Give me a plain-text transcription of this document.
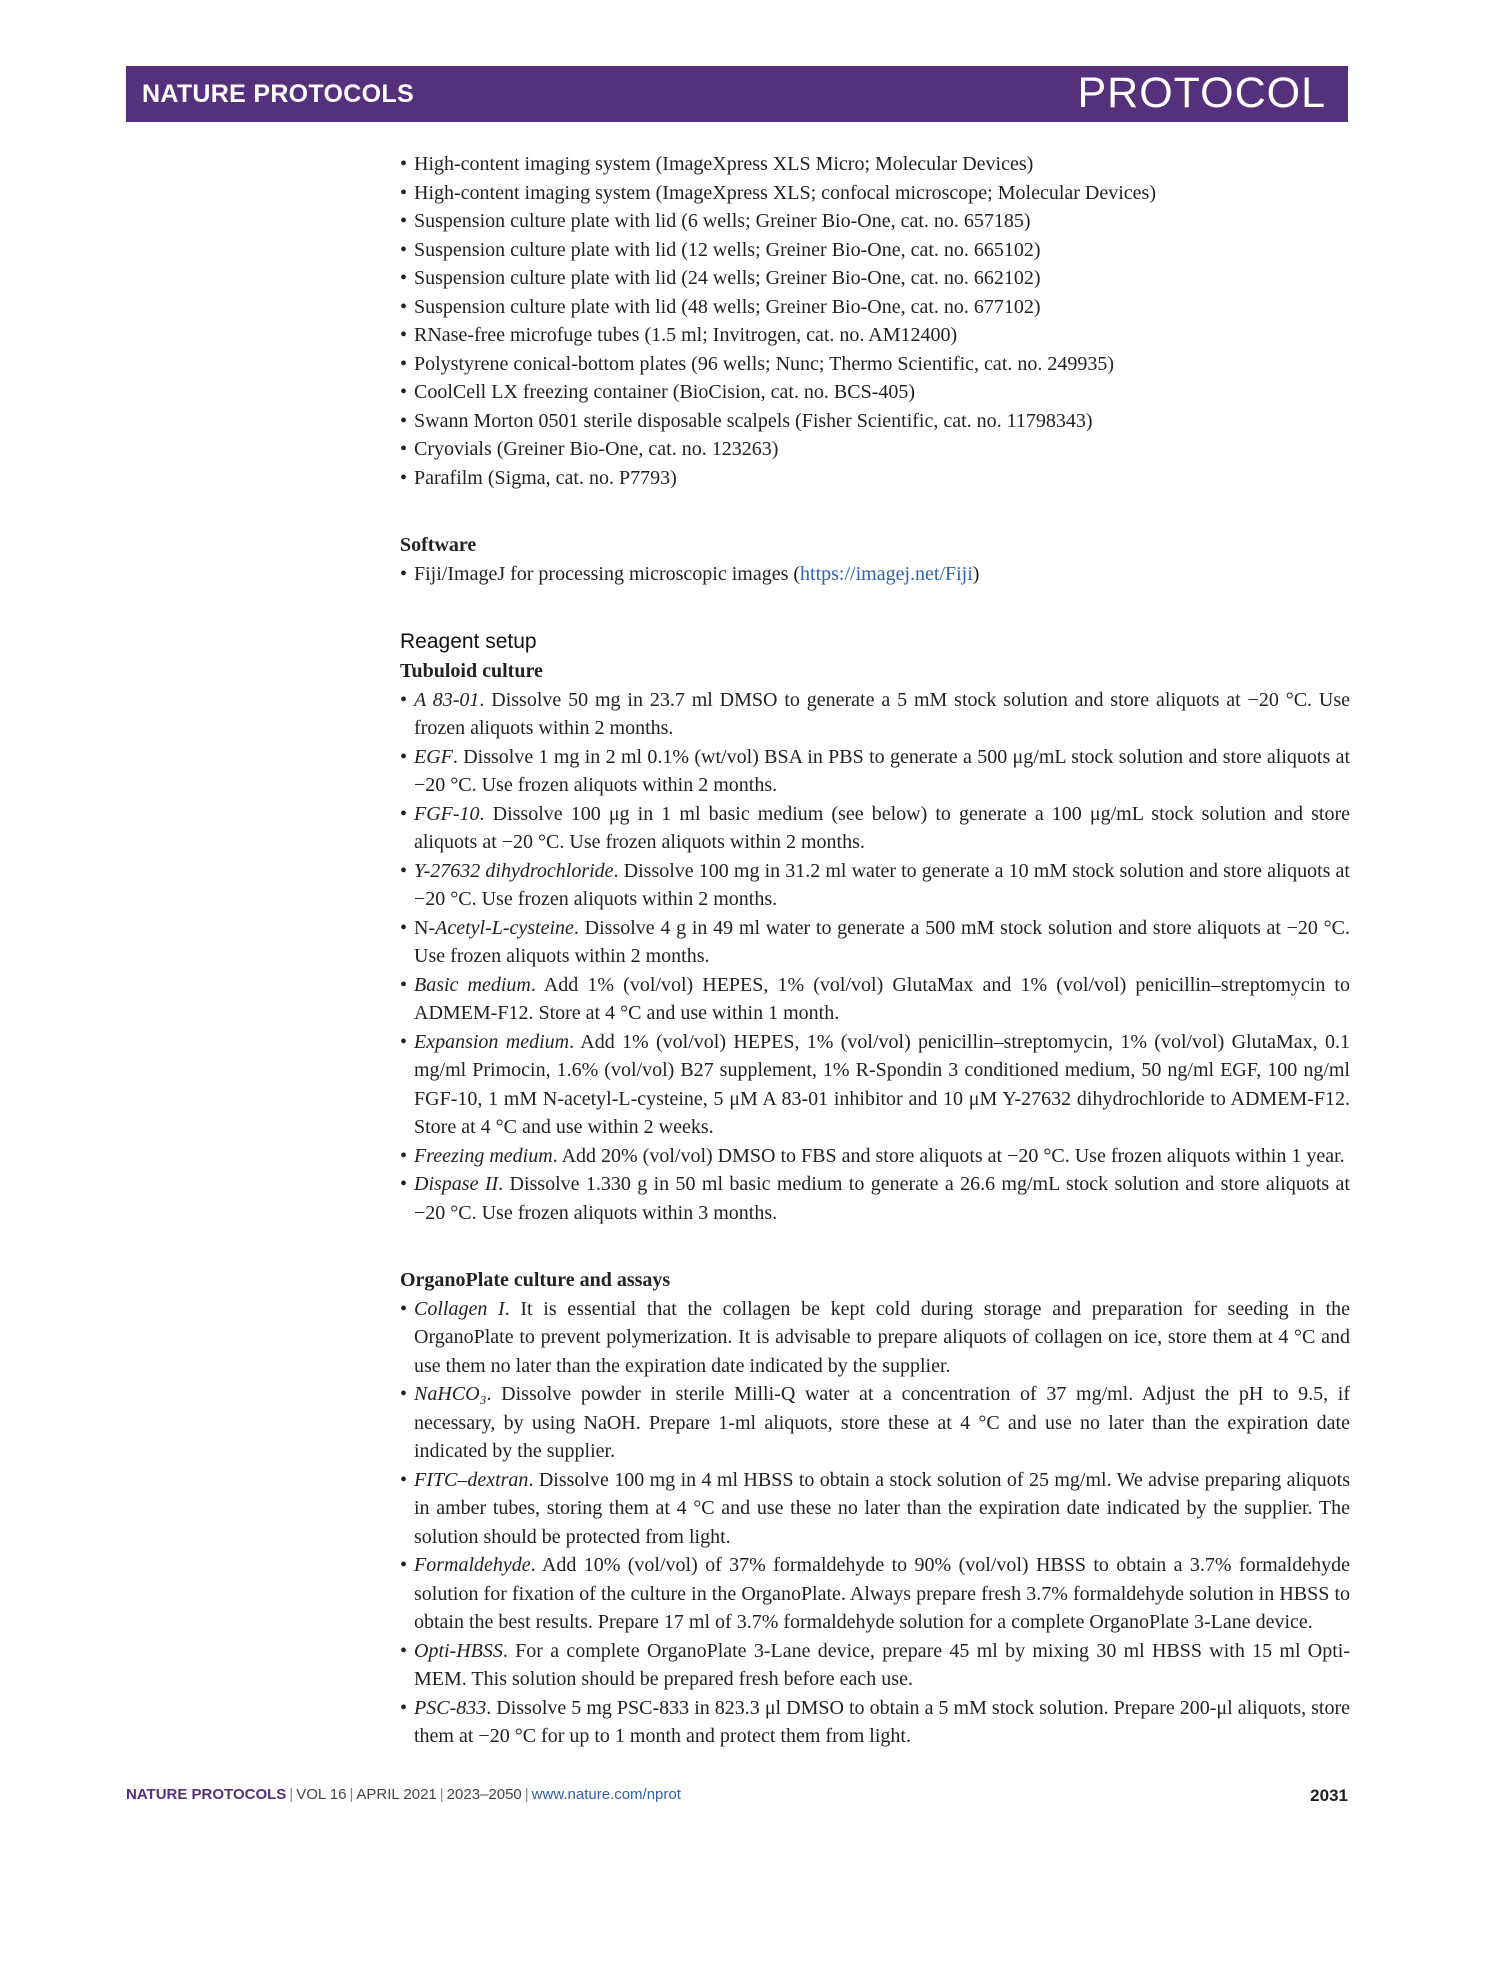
NATURE PROTOCOLS	PROTOCOL
• High-content imaging system (ImageXpress XLS Micro; Molecular Devices)
• High-content imaging system (ImageXpress XLS; confocal microscope; Molecular Devices)
• Suspension culture plate with lid (6 wells; Greiner Bio-One, cat. no. 657185)
• Suspension culture plate with lid (12 wells; Greiner Bio-One, cat. no. 665102)
• Suspension culture plate with lid (24 wells; Greiner Bio-One, cat. no. 662102)
• Suspension culture plate with lid (48 wells; Greiner Bio-One, cat. no. 677102)
• RNase-free microfuge tubes (1.5 ml; Invitrogen, cat. no. AM12400)
• Polystyrene conical-bottom plates (96 wells; Nunc; Thermo Scientific, cat. no. 249935)
• CoolCell LX freezing container (BioCision, cat. no. BCS-405)
• Swann Morton 0501 sterile disposable scalpels (Fisher Scientific, cat. no. 11798343)
• Cryovials (Greiner Bio-One, cat. no. 123263)
• Parafilm (Sigma, cat. no. P7793)
Software
• Fiji/ImageJ for processing microscopic images (https://imagej.net/Fiji)
Reagent setup
Tubuloid culture
• A 83-01. Dissolve 50 mg in 23.7 ml DMSO to generate a 5 mM stock solution and store aliquots at −20 °C. Use frozen aliquots within 2 months.
• EGF. Dissolve 1 mg in 2 ml 0.1% (wt/vol) BSA in PBS to generate a 500 μg/mL stock solution and store aliquots at −20 °C. Use frozen aliquots within 2 months.
• FGF-10. Dissolve 100 μg in 1 ml basic medium (see below) to generate a 100 μg/mL stock solution and store aliquots at −20 °C. Use frozen aliquots within 2 months.
• Y-27632 dihydrochloride. Dissolve 100 mg in 31.2 ml water to generate a 10 mM stock solution and store aliquots at −20 °C. Use frozen aliquots within 2 months.
• N-Acetyl-L-cysteine. Dissolve 4 g in 49 ml water to generate a 500 mM stock solution and store aliquots at −20 °C. Use frozen aliquots within 2 months.
• Basic medium. Add 1% (vol/vol) HEPES, 1% (vol/vol) GlutaMax and 1% (vol/vol) penicillin–streptomycin to ADMEM-F12. Store at 4 °C and use within 1 month.
• Expansion medium. Add 1% (vol/vol) HEPES, 1% (vol/vol) penicillin–streptomycin, 1% (vol/vol) GlutaMax, 0.1 mg/ml Primocin, 1.6% (vol/vol) B27 supplement, 1% R-Spondin 3 conditioned medium, 50 ng/ml EGF, 100 ng/ml FGF-10, 1 mM N-acetyl-L-cysteine, 5 μM A 83-01 inhibitor and 10 μM Y-27632 dihydrochloride to ADMEM-F12. Store at 4 °C and use within 2 weeks.
• Freezing medium. Add 20% (vol/vol) DMSO to FBS and store aliquots at −20 °C. Use frozen aliquots within 1 year.
• Dispase II. Dissolve 1.330 g in 50 ml basic medium to generate a 26.6 mg/mL stock solution and store aliquots at −20 °C. Use frozen aliquots within 3 months.
OrganoPlate culture and assays
• Collagen I. It is essential that the collagen be kept cold during storage and preparation for seeding in the OrganoPlate to prevent polymerization. It is advisable to prepare aliquots of collagen on ice, store them at 4 °C and use them no later than the expiration date indicated by the supplier.
• NaHCO₃. Dissolve powder in sterile Milli-Q water at a concentration of 37 mg/ml. Adjust the pH to 9.5, if necessary, by using NaOH. Prepare 1-ml aliquots, store these at 4 °C and use no later than the expiration date indicated by the supplier.
• FITC–dextran. Dissolve 100 mg in 4 ml HBSS to obtain a stock solution of 25 mg/ml. We advise preparing aliquots in amber tubes, storing them at 4 °C and use these no later than the expiration date indicated by the supplier. The solution should be protected from light.
• Formaldehyde. Add 10% (vol/vol) of 37% formaldehyde to 90% (vol/vol) HBSS to obtain a 3.7% formaldehyde solution for fixation of the culture in the OrganoPlate. Always prepare fresh 3.7% formaldehyde solution in HBSS to obtain the best results. Prepare 17 ml of 3.7% formaldehyde solution for a complete OrganoPlate 3-Lane device.
• Opti-HBSS. For a complete OrganoPlate 3-Lane device, prepare 45 ml by mixing 30 ml HBSS with 15 ml Opti-MEM. This solution should be prepared fresh before each use.
• PSC-833. Dissolve 5 mg PSC-833 in 823.3 μl DMSO to obtain a 5 mM stock solution. Prepare 200-μl aliquots, store them at −20 °C for up to 1 month and protect them from light.
NATURE PROTOCOLS | VOL 16 | APRIL 2021 | 2023–2050 | www.nature.com/nprot	2031
